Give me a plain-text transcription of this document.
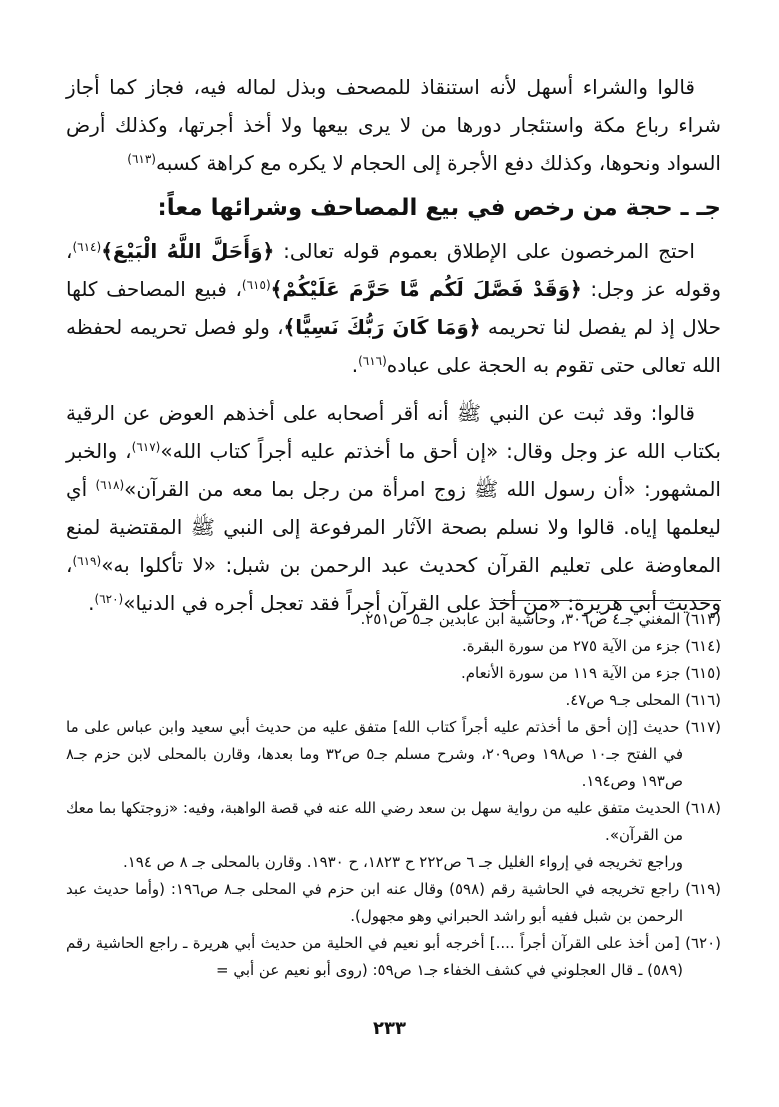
قالوا والشراء أسهل لأنه استنقاذ للمصحف وبذل لماله فيه، فجاز كما أجاز شراء رباع مكة واستئجار دورها من لا يرى بيعها ولا أخذ أجرتها، وكذلك أرض السواد ونحوها، وكذلك دفع الأجرة إلى الحجام لا يكره مع كراهة كسبه$^{(٦١٣)}$

جـ ـ حجة من رخص في بيع المصاحف وشرائها معاً:

احتج المرخصون على الإطلاق بعموم قوله تعالى: ﴿وَأَحَلَّ اللَّهُ الْبَيْعَ﴾$^{(٦١٤)}$، وقوله عز وجل: ﴿وَقَدْ فَصَّلَ لَكُم مَّا حَرَّمَ عَلَيْكُمْ﴾$^{(٦١٥)}$، فبيع المصاحف كلها حلال إذ لم يفصل لنا تحريمه ﴿وَمَا كَانَ رَبُّكَ نَسِيًّا﴾، ولو فصل تحريمه لحفظه الله تعالى حتى تقوم به الحجة على عباده$^{(٦١٦)}$.

قالوا: وقد ثبت عن النبي ﷺ أنه أقر أصحابه على أخذهم العوض عن الرقية بكتاب الله عز وجل وقال: «إن أحق ما أخذتم عليه أجراً كتاب الله»$^{(٦١٧)}$، والخبر المشهور: «أن رسول الله ﷺ زوج امرأة من رجل بما معه من القرآن»$^{(٦١٨)}$ أي ليعلمها إياه. قالوا ولا نسلم بصحة الآثار المرفوعة إلى النبي ﷺ المقتضية لمنع المعاوضة على تعليم القرآن كحديث عبد الرحمن بن شبل: «لا تأكلوا به»$^{(٦١٩)}$، وحديث أبي هريرة: «من أخذ على القرآن أجراً فقد تعجل أجره في الدنيا»$^{(٦٢٠)}$.

(٦١٣) المغني جـ٤ ص٣٠٦، وحاشية ابن عابدين جـ٥ ص٢٥١.

(٦١٤) جزء من الآية ٢٧٥ من سورة البقرة.

(٦١٥) جزء من الآية ١١٩ من سورة الأنعام.

(٦١٦) المحلى جـ٩ ص٤٧.

(٦١٧) حديث [إن أحق ما أخذتم عليه أجراً كتاب الله] متفق عليه من حديث أبي سعيد وابن عباس على ما في الفتح جـ١٠ ص١٩٨ وص٢٠٩، وشرح مسلم جـ٥ ص٣٢ وما بعدها، وقارن بالمحلى لابن حزم جـ٨ ص١٩٣ وص١٩٤.

(٦١٨) الحديث متفق عليه من رواية سهل بن سعد رضي الله عنه في قصة الواهبة، وفيه: «زوجتكها بما معك من القرآن».

وراجع تخريجه في إرواء الغليل جـ ٦ ص٢٢٢ ح ١٨٢٣، ح ١٩٣٠. وقارن بالمحلى جـ ٨ ص ١٩٤.

(٦١٩) راجع تخريجه في الحاشية رقم (٥٩٨) وقال عنه ابن حزم في المحلى جـ٨ ص١٩٦: (وأما حديث عبد الرحمن بن شبل ففيه أبو راشد الحبراني وهو مجهول).

(٦٢٠) [من أخذ على القرآن أجراً ....] أخرجه أبو نعيم في الحلية من حديث أبي هريرة ـ راجع الحاشية رقم (٥٨٩) ـ قال العجلوني في كشف الخفاء جـ١ ص٥٩: (روى أبو نعيم عن أبي =

٢٣٣
